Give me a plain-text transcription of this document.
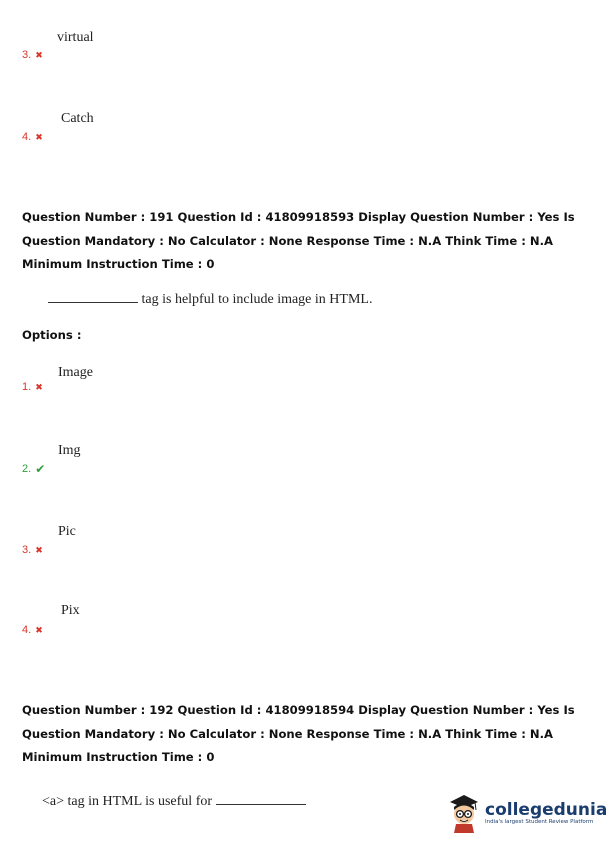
virtual
3. ✖
Catch
4. ✖
Question Number : 191 Question Id : 41809918593 Display Question Number : Yes Is Question Mandatory : No Calculator : None Response Time : N.A Think Time : N.A Minimum Instruction Time : 0
tag is helpful to include image in HTML.
Options :
Image
1. ✖
Img
2. ✔
Pic
3. ✖
Pix
4. ✖
Question Number : 192 Question Id : 41809918594 Display Question Number : Yes Is Question Mandatory : No Calculator : None Response Time : N.A Think Time : N.A Minimum Instruction Time : 0
<a> tag in HTML is useful for	collegedunia
India's largest Student Review Platform
